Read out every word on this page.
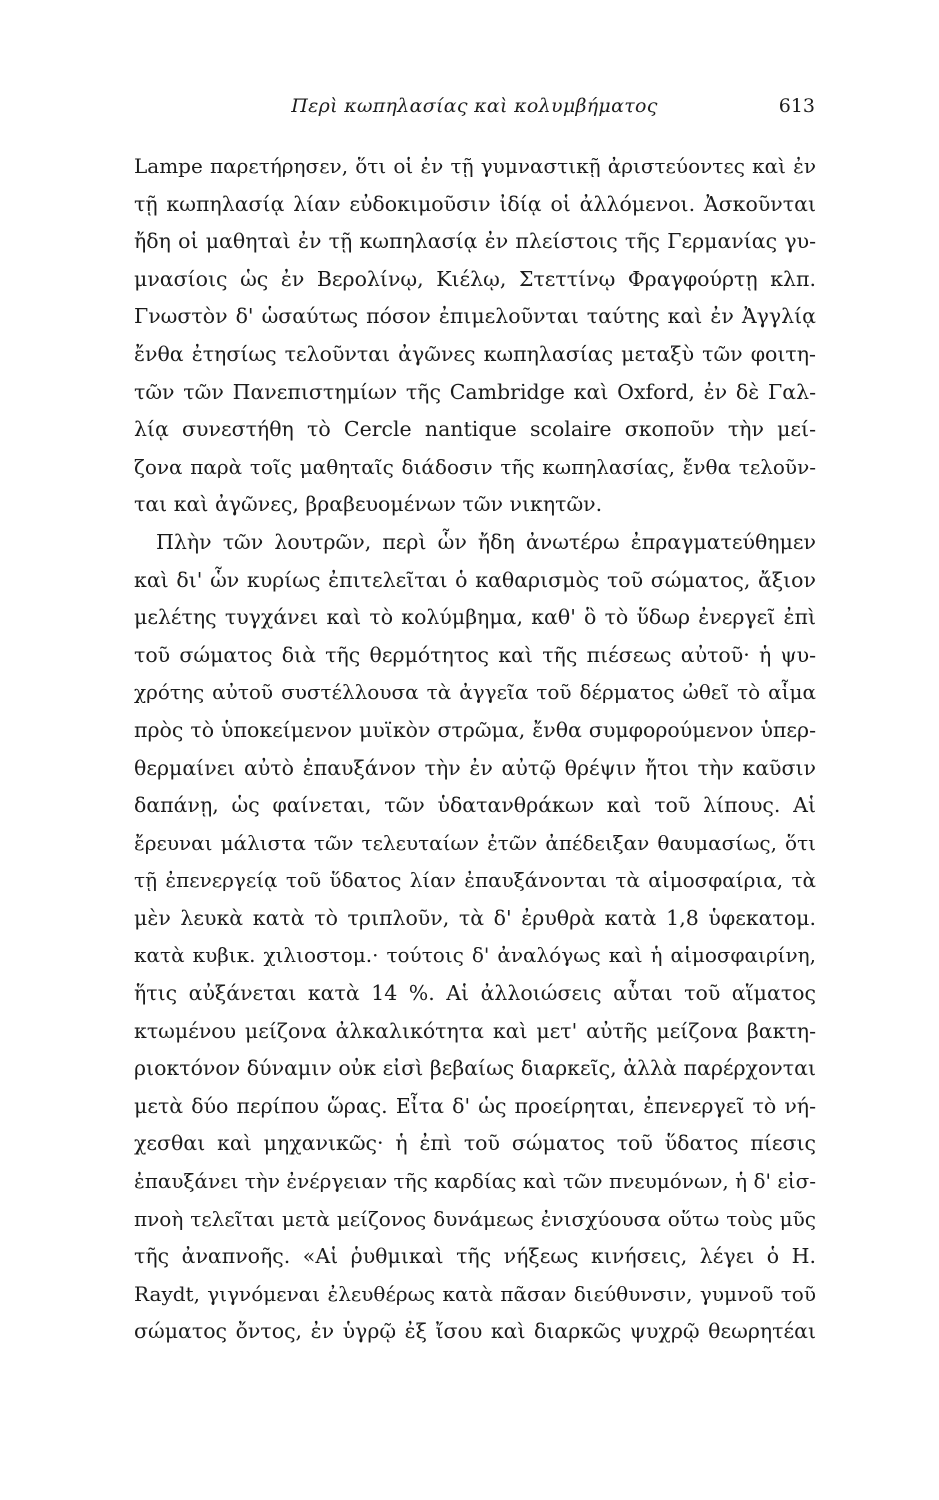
Περὶ κωπηλασίας καὶ κολυμβήματος	613
Lampe παρετήρησεν, ὅτι οἱ ἐν τῇ γυμναστικῇ ἀριστεύοντες καὶ ἐν
τῇ κωπηλασίᾳ λίαν εὐδοκιμοῦσιν ἰδίᾳ οἱ ἀλλόμενοι. Ἀσκοῦνται
ἤδη οἱ μαθηταὶ ἐν τῇ κωπηλασίᾳ ἐν πλείστοις τῆς Γερμανίας γυ-
μνασίοις ὡς ἐν Βερολίνῳ, Κιέλῳ, Στεττίνῳ Φραγφούρτῃ κλπ.
Γνωστὸν δ' ὡσαύτως πόσον ἐπιμελοῦνται ταύτης καὶ ἐν Ἀγγλίᾳ
ἔνθα ἐτησίως τελοῦνται ἀγῶνες κωπηλασίας μεταξὺ τῶν φοιτη-
τῶν τῶν Πανεπιστημίων τῆς Cambridge καὶ Oxford, ἐν δὲ Γαλ-
λίᾳ συνεστήθη τὸ Cercle nantique scolaire σκοποῦν τὴν μεί-
ζονα παρὰ τοῖς μαθηταῖς διάδοσιν τῆς κωπηλασίας, ἔνθα τελοῦν-
ται καὶ ἀγῶνες, βραβευομένων τῶν νικητῶν.
Πλὴν τῶν λουτρῶν, περὶ ὧν ἤδη ἀνωτέρω ἐπραγματεύθημεν
καὶ δι' ὧν κυρίως ἐπιτελεῖται ὁ καθαρισμὸς τοῦ σώματος, ἄξιον
μελέτης τυγχάνει καὶ τὸ κολύμβημα, καθ' ὃ τὸ ὕδωρ ἐνεργεῖ ἐπὶ
τοῦ σώματος διὰ τῆς θερμότητος καὶ τῆς πιέσεως αὐτοῦ· ἡ ψυ-
χρότης αὐτοῦ συστέλλουσα τὰ ἀγγεῖα τοῦ δέρματος ὠθεῖ τὸ αἷμα
πρὸς τὸ ὑποκείμενον μυϊκὸν στρῶμα, ἔνθα συμφορούμενον ὑπερ-
θερμαίνει αὐτὸ ἐπαυξάνον τὴν ἐν αὐτῷ θρέψιν ἤτοι τὴν καῦσιν
δαπάνῃ, ὡς φαίνεται, τῶν ὑδατανθράκων καὶ τοῦ λίπους. Αἱ
ἔρευναι μάλιστα τῶν τελευταίων ἐτῶν ἀπέδειξαν θαυμασίως, ὅτι
τῇ ἐπενεργείᾳ τοῦ ὕδατος λίαν ἐπαυξάνονται τὰ αἱμοσφαίρια, τὰ
μὲν λευκὰ κατὰ τὸ τριπλοῦν, τὰ δ' ἐρυθρὰ κατὰ 1,8 ὑφεκατομ.
κατὰ κυβικ. χιλιοστομ.· τούτοις δ' ἀναλόγως καὶ ἡ αἱμοσφαιρίνη,
ἥτις αὐξάνεται κατὰ 14 %. Αἱ ἀλλοιώσεις αὗται τοῦ αἵματος
κτωμένου μείζονα ἀλκαλικότητα καὶ μετ' αὐτῆς μείζονα βακτη-
ριοκτόνον δύναμιν οὐκ εἰσὶ βεβαίως διαρκεῖς, ἀλλὰ παρέρχονται
μετὰ δύο περίπου ὥρας. Εἶτα δ' ὡς προείρηται, ἐπενεργεῖ τὸ νή-
χεσθαι καὶ μηχανικῶς· ἡ ἐπὶ τοῦ σώματος τοῦ ὕδατος πίεσις
ἐπαυξάνει τὴν ἐνέργειαν τῆς καρδίας καὶ τῶν πνευμόνων, ἡ δ' εἰσ-
πνοὴ τελεῖται μετὰ μείζονος δυνάμεως ἐνισχύουσα οὕτω τοὺς μῦς
τῆς ἀναπνοῆς. «Αἱ ῥυθμικαὶ τῆς νήξεως κινήσεις, λέγει ὁ H.
Raydt, γιγνόμεναι ἐλευθέρως κατὰ πᾶσαν διεύθυνσιν, γυμνοῦ τοῦ
σώματος ὄντος, ἐν ὑγρῷ ἐξ ἴσου καὶ διαρκῶς ψυχρῷ θεωρητέαι
